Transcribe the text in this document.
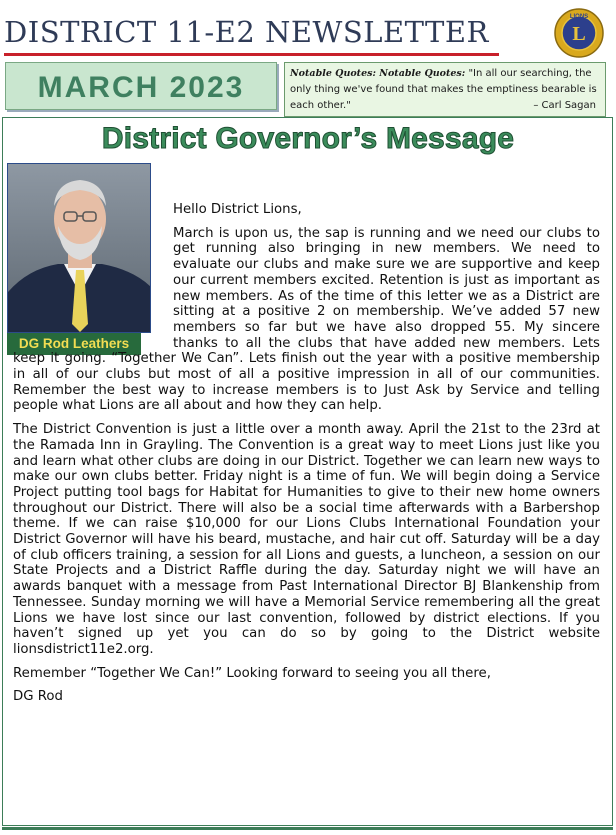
DISTRICT 11-E2 NEWSLETTER	LIONS
L
MARCH 2023	Notable Quotes: Notable Quotes: "In all our searching, the only thing we've found that makes the emptiness bearable is each other."	– Carl Sagan
District Governor’s Message
DG Rod Leathers

Hello District Lions,

March is upon us, the sap is running and we need our clubs to get running also bringing in new members. We need to evaluate our clubs and make sure we are supportive and keep our current members excited. Retention is just as important as new members. As of the time of this letter we as a District are sitting at a positive 2 on membership. We’ve added 57 new members so far but we have also dropped 55. My sincere thanks to all the clubs that have added new members. Lets keep it going. “Together We Can”. Lets finish out the year with a positive membership in all of our clubs but most of all a positive impression in all of our communities. Remember the best way to increase members is to Just Ask by Service and telling people what Lions are all about and how they can help.

The District Convention is just a little over a month away. April the 21st to the 23rd at the Ramada Inn in Grayling. The Convention is a great way to meet Lions just like you and learn what other clubs are doing in our District. Together we can learn new ways to make our own clubs better. Friday night is a time of fun. We will begin doing a Service Project putting tool bags for Habitat for Humanities to give to their new home owners throughout our District. There will also be a social time afterwards with a Barbershop theme. If we can raise $10,000 for our Lions Clubs International Foundation your District Governor will have his beard, mustache, and hair cut off. Saturday will be a day of club officers training, a session for all Lions and guests, a luncheon, a session on our State Projects and a District Raffle during the day. Saturday night we will have an awards banquet with a message from Past International Director BJ Blankenship from Tennessee. Sunday morning we will have a Memorial Service remembering all the great Lions we have lost since our last convention, followed by district elections. If you haven’t signed up yet you can do so by going to the District website lionsdistrict11e2.org.

Remember “Together We Can!” Looking forward to seeing you all there,

DG Rod
